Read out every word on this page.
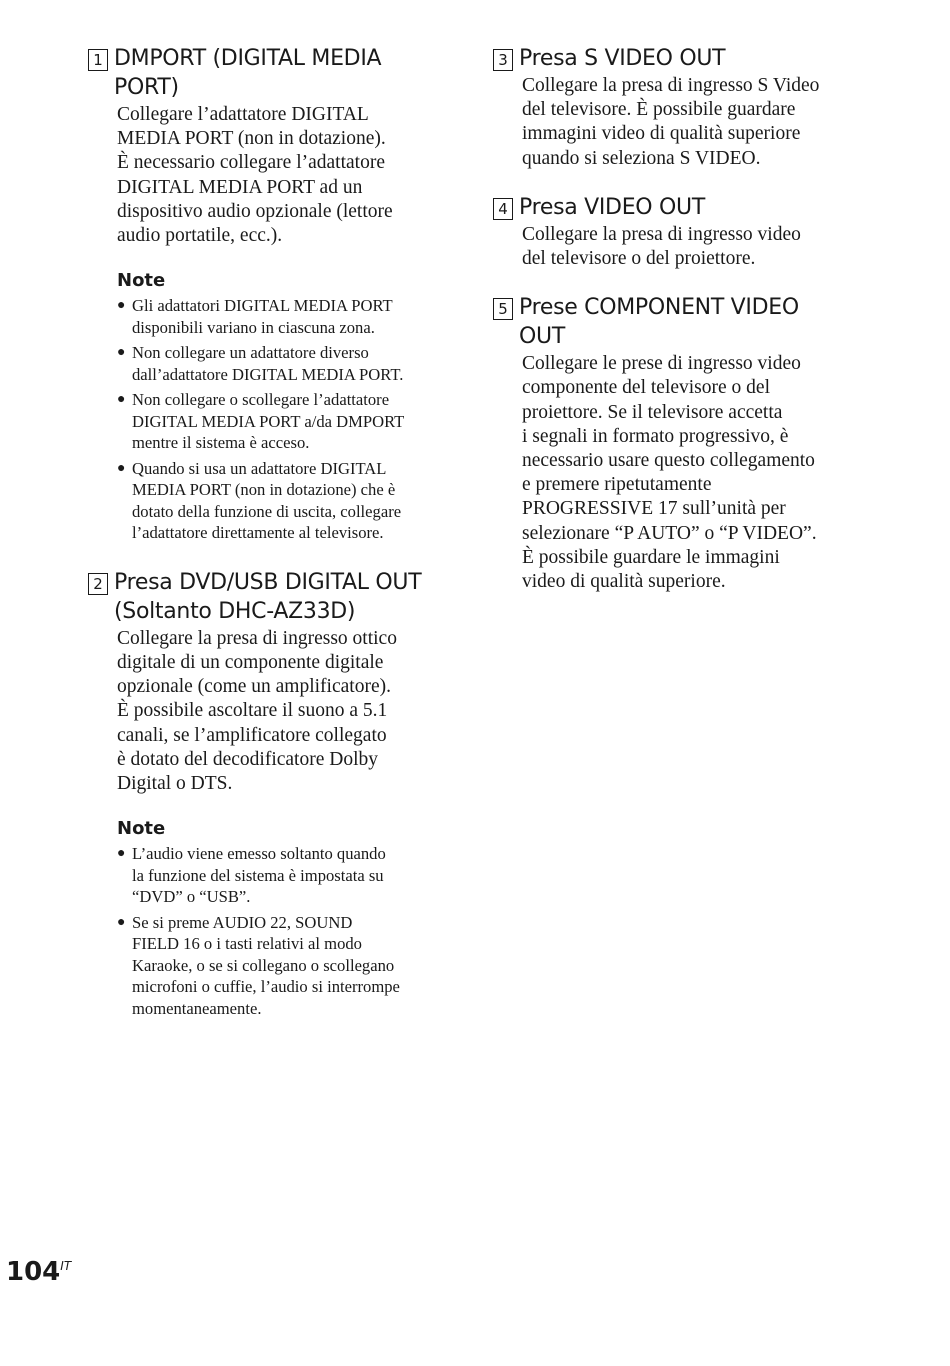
1 DMPORT (DIGITAL MEDIA
PORT)

Collegare l’adattatore DIGITAL
MEDIA PORT (non in dotazione).
È necessario collegare l’adattatore
DIGITAL MEDIA PORT ad un
dispositivo audio opzionale (lettore
audio portatile, ecc.).

Note
● Gli adattatori DIGITAL MEDIA PORT
disponibili variano in ciascuna zona.
● Non collegare un adattatore diverso
dall’adattatore DIGITAL MEDIA PORT.
● Non collegare o scollegare l’adattatore
DIGITAL MEDIA PORT a/da DMPORT
mentre il sistema è acceso.
● Quando si usa un adattatore DIGITAL
MEDIA PORT (non in dotazione) che è
dotato della funzione di uscita, collegare
l’adattatore direttamente al televisore.
2 Presa DVD/USB DIGITAL OUT
(Soltanto DHC-AZ33D)

Collegare la presa di ingresso ottico
digitale di un componente digitale
opzionale (come un amplificatore).
È possibile ascoltare il suono a 5.1
canali, se l’amplificatore collegato
è dotato del decodificatore Dolby
Digital o DTS.

Note
● L’audio viene emesso soltanto quando
la funzione del sistema è impostata su
“DVD” o “USB”.
● Se si preme AUDIO 22, SOUND
FIELD 16 o i tasti relativi al modo
Karaoke, o se si collegano o scollegano
microfoni o cuffie, l’audio si interrompe
momentaneamente.
3 Presa S VIDEO OUT

Collegare la presa di ingresso S Video
del televisore. È possibile guardare
immagini video di qualità superiore
quando si seleziona S VIDEO.

4 Presa VIDEO OUT

Collegare la presa di ingresso video
del televisore o del proiettore.

5 Prese COMPONENT VIDEO
OUT

Collegare le prese di ingresso video
componente del televisore o del
proiettore. Se il televisore accetta
i segnali in formato progressivo, è
necessario usare questo collegamento
e premere ripetutamente
PROGRESSIVE 17 sull’unità per
selezionare “P AUTO” o “P VIDEO”.
È possibile guardare le immagini
video di qualità superiore.

$104^{IT}$
